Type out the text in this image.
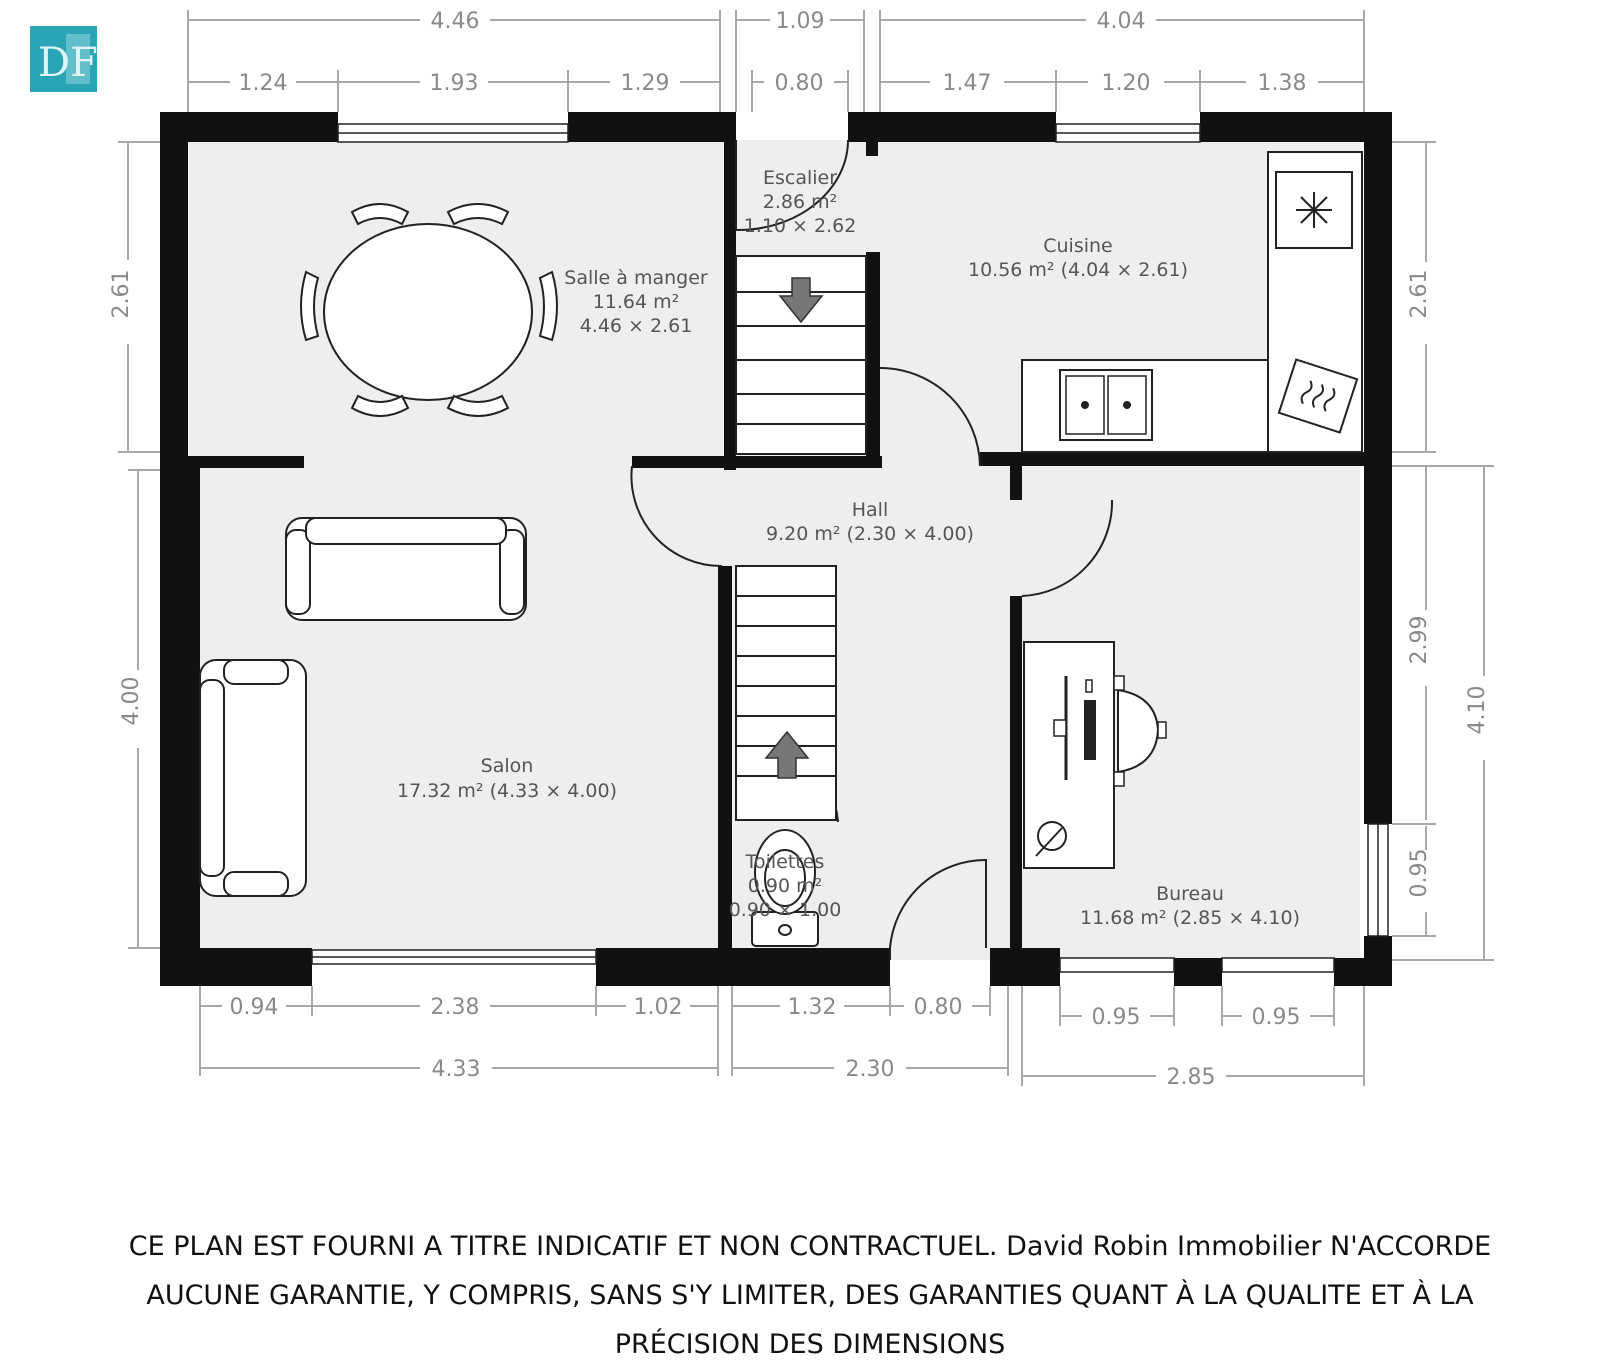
DF
Escalier
2.86 m²
1.10 × 2.62
Salle à manger
11.64 m²
4.46 × 2.61
Cuisine
10.56 m² (4.04 × 2.61)
Hall
9.20 m² (2.30 × 4.00)
Salon
17.32 m² (4.33 × 4.00)
Toilettes
0.90 m²
0.90 × 1.00
Bureau
11.68 m² (2.85 × 4.10)
4.46	1.09	4.04
1.24	1.93	1.29	0.80	1.47	1.20	1.38
2.61
4.00
2.61
2.99
4.10
0.95
0.94	2.38	1.02	1.32	0.80	0.95	0.95
4.33	2.30	2.85
CE PLAN EST FOURNI A TITRE INDICATIF ET NON CONTRACTUEL. David Robin Immobilier N'ACCORDE
AUCUNE GARANTIE, Y COMPRIS, SANS S'Y LIMITER, DES GARANTIES QUANT À LA QUALITE ET À LA
PRÉCISION DES DIMENSIONS
